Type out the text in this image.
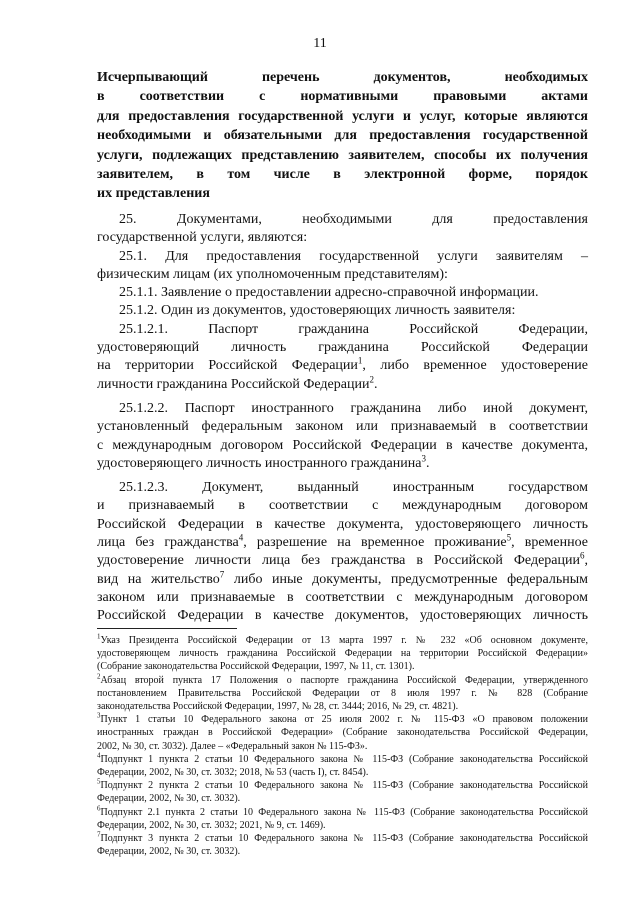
11
Исчерпывающий перечень документов, необходимых
в соответствии с нормативными правовыми актами
для предоставления государственной услуги и услуг, которые являются
необходимыми и обязательными для предоставления государственной
услуги, подлежащих представлению заявителем, способы их получения
заявителем, в том числе в электронной форме, порядок
их представления
25. Документами, необходимыми для предоставления
государственной услуги, являются:
25.1. Для предоставления государственной услуги заявителям –
физическим лицам (их уполномоченным представителям):
25.1.1. Заявление о предоставлении адресно-справочной информации.
25.1.2. Один из документов, удостоверяющих личность заявителя:
25.1.2.1. Паспорт гражданина Российской Федерации,
удостоверяющий личность гражданина Российской Федерации
на территории Российской Федерации$^1$, либо временное удостоверение
личности гражданина Российской Федерации$^2$.
25.1.2.2. Паспорт иностранного гражданина либо иной документ,
установленный федеральным законом или признаваемый в соответствии
с международным договором Российской Федерации в качестве документа,
удостоверяющего личность иностранного гражданина$^3$.
25.1.2.3. Документ, выданный иностранным государством
и признаваемый в соответствии с международным договором
Российской Федерации в качестве документа, удостоверяющего личность
лица без гражданства$^4$, разрешение на временное проживание$^5$, временное
удостоверение личности лица без гражданства в Российской Федерации$^6$,
вид на жительство$^7$ либо иные документы, предусмотренные федеральным
законом или признаваемые в соответствии с международным договором
Российской Федерации в качестве документов, удостоверяющих личность
$^1$Указ Президента Российской Федерации от 13 марта 1997 г. № 232 «Об основном документе,
удостоверяющем личность гражданина Российской Федерации на территории Российской Федерации»
(Собрание законодательства Российской Федерации, 1997, № 11, ст. 1301).
$^2$Абзац второй пункта 17 Положения о паспорте гражданина Российской Федерации, утвержденного
постановлением Правительства Российской Федерации от 8 июля 1997 г. № 828 (Собрание
законодательства Российской Федерации, 1997, № 28, ст. 3444; 2016, № 29, ст. 4821).
$^3$Пункт 1 статьи 10 Федерального закона от 25 июля 2002 г. № 115-ФЗ «О правовом положении
иностранных граждан в Российской Федерации» (Собрание законодательства Российской Федерации,
2002, № 30, ст. 3032). Далее – «Федеральный закон № 115-ФЗ».
$^4$Подпункт 1 пункта 2 статьи 10 Федерального закона № 115-ФЗ (Собрание законодательства Российской
Федерации, 2002, № 30, ст. 3032; 2018, № 53 (часть I), ст. 8454).
$^5$Подпункт 2 пункта 2 статьи 10 Федерального закона № 115-ФЗ (Собрание законодательства Российской
Федерации, 2002, № 30, ст. 3032).
$^6$Подпункт 2.1 пункта 2 статьи 10 Федерального закона № 115-ФЗ (Собрание законодательства Российской
Федерации, 2002, № 30, ст. 3032; 2021, № 9, ст. 1469).
$^7$Подпункт 3 пункта 2 статьи 10 Федерального закона № 115-ФЗ (Собрание законодательства Российской
Федерации, 2002, № 30, ст. 3032).
